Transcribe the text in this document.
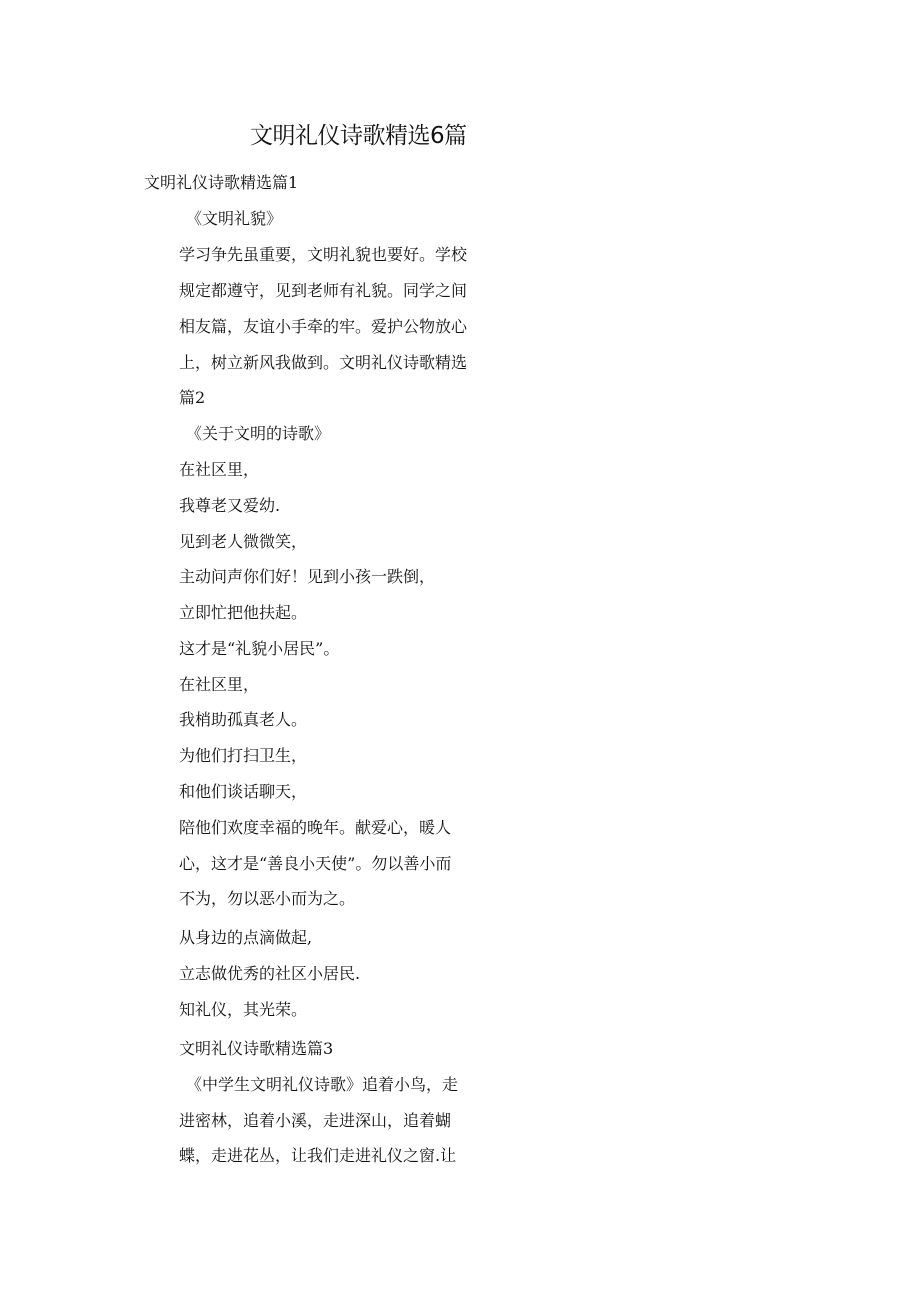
文明礼仪诗歌精选6篇
文明礼仪诗歌精选篇1
《文明礼貌》
学习争先虽重要，文明礼貌也要好。学校
规定都遵守，见到老师有礼貌。同学之间
相友篇，友谊小手牵的牢。爱护公物放心
上，树立新风我做到。文明礼仪诗歌精选
篇2
《关于文明的诗歌》
在社区里，
我尊老又爱幼.
见到老人微微笑，
主动问声你们好！见到小孩一跌倒，
立即忙把他扶起。
这才是“礼貌小居民”。
在社区里，
我梢助孤真老人。
为他们打扫卫生，
和他们谈话聊天，
陪他们欢度幸福的晚年。献爱心，暖人
心，这才是“善良小天使”。勿以善小而
不为，勿以恶小而为之。
从身边的点滴做起,
立志做优秀的社区小居民.
知礼仪，其光荣。
文明礼仪诗歌精选篇3
《中学生文明礼仪诗歌》追着小鸟，走
进密林，追着小溪，走进深山，追着蝴
蝶，走进花丛，让我们走进礼仪之窗.让
